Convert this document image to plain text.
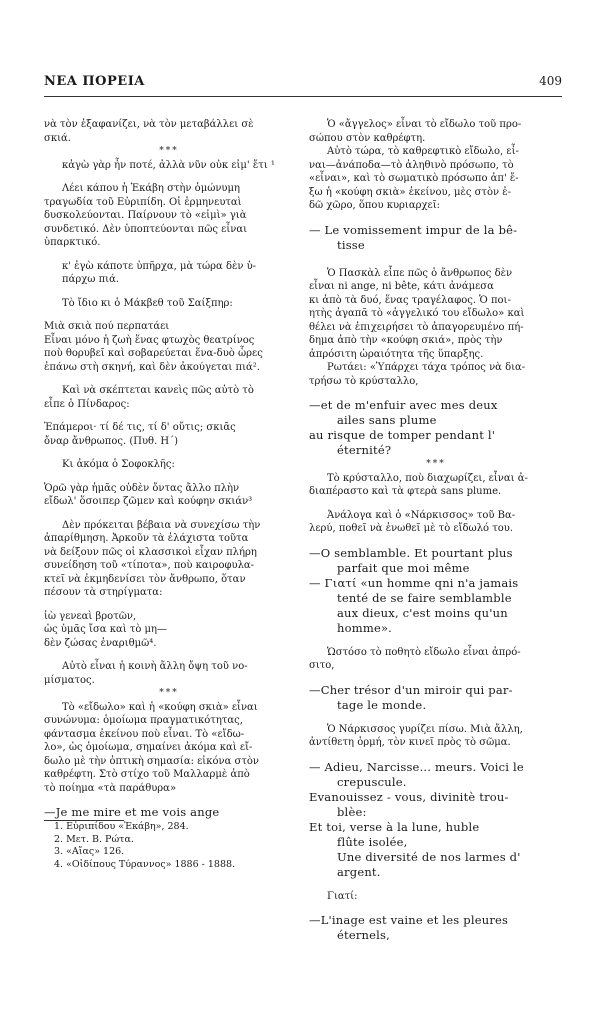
ΝΕΑ ΠΟΡΕΙΑ	409
νὰ τὸν ἐξαφανίζει, νὰ τὸν μεταβάλλει σὲ
σκιά.
***
κἀγὼ γὰρ ἦν ποτέ, ἀλλὰ νῦν οὐκ εἰμ' ἔτι ¹
Λέει κάπου ἡ Ἑκάβη στὴν ὁμώνυμη
τραγωδία τοῦ Εὐριπίδη. Οἱ ἑρμηνευταὶ
δυσκολεύονται. Παίρνουν τὸ «εἰμὶ» γιὰ
συνδετικό. Δὲν ὑποπτεύονται πῶς εἶναι
ὑπαρκτικό.
κ' ἐγὼ κάποτε ὑπῆρχα, μὰ τώρα δὲν ὑ-
πάρχω πιά.
Τὸ ἴδιο κι ὁ Μάκβεθ τοῦ Σαίξπηρ:
Μιὰ σκιὰ πού περπατάει
Εἶναι μόνο ἡ ζωὴ ἕνας φτωχὸς θεατρίνος
ποὺ θορυβεῖ καὶ σοβαρεύεται ἕνα-δυὸ ὧρες
ἐπάνω στὴ σκηνή, καὶ δὲν ἀκούγεται πιά².
Καὶ νὰ σκέπτεται κανεὶς πῶς αὐτὸ τὸ
εἶπε ὁ Πίνδαρος:
Ἐπάμεροι· τί δέ τις, τί δ' οὔτις; σκιᾶς
ὄναρ ἄνθρωπος. (Πυθ. Η΄)
Κι ἀκόμα ὁ Σοφοκλῆς:
Ὁρῶ γὰρ ἡμᾶς οὐδὲν ὄντας ἄλλο πλὴν
εἴδωλ' ὅσοιπερ ζῶμεν καὶ κούφην σκιάν³
Δὲν πρόκειται βέβαια νὰ συνεχίσω τὴν
ἀπαρίθμηση. Ἀρκοῦν τὰ ἐλάχιστα τοῦτα
νὰ δείξουν πῶς οἱ κλασσικοὶ εἶχαν πλήρη
συνείδηση τοῦ «τίποτα», ποὺ καιροφυλα-
κτεῖ νὰ ἐκμηδενίσει τὸν ἄνθρωπο, ὅταν
πέσουν τὰ στηρίγματα:
ἰὼ γενεαὶ βροτῶν,
ὡς ὑμᾶς ἴσα καὶ τὸ μη—
δὲν ζώσας ἐναριθμῶ⁴.
Αὐτὸ εἶναι ἡ κοινὴ ἄλλη ὄψη τοῦ νο-
μίσματος.
***
Τὸ «εἴδωλο» καὶ ἡ «κούφη σκιὰ» εἶναι
συνώνυμα: ὁμοίωμα πραγματικότητας,
φάντασμα ἐκείνου ποὺ εἶναι. Τὸ «εἴδω-
λο», ὡς ὁμοίωμα, σημαίνει ἀκόμα καὶ εἴ-
δωλο μὲ τὴν ὀπτικὴ σημασία: εἰκόνα στὸν
καθρέφτη. Στὸ στίχο τοῦ Μαλλαρμὲ ἀπὸ
τὸ ποίημα «τὰ παράθυρα»
—Je me mire et me vois ange
1. Εὐριπίδου «Ἑκάβη», 284.
2. Μετ. Β. Ρώτα.
3. «Αἴας» 126.
4. «Οἰδίπους Τύραννος» 1886 - 1888.
Ὁ «ἄγγελος» εἶναι τὸ εἴδωλο τοῦ προ-
σώπου στὸν καθρέφτη.
Αὐτὸ τώρα, τὸ καθρεφτικὸ εἴδωλο, εἶ-
ναι—ἀνάποδα—τὸ ἀληθινὸ πρόσωπο, τὸ
«εἶναι», καὶ τὸ σωματικὸ πρόσωπο ἀπ' ἔ-
ξω ἡ «κούφη σκιὰ» ἐκείνου, μὲς στὸν ἐ-
δῶ χῶρο, ὅπου κυριαρχεῖ:
— Le vomissement impur de la bê-
tisse
Ὁ Πασκὰλ εἶπε πῶς ὁ ἄνθρωπος δὲν
εἶναι ni ange, ni bête, κάτι ἀνάμεσα
κι ἀπὸ τὰ δυό, ἕνας τραγέλαφος. Ὁ ποι-
ητὴς ἀγαπᾶ τὸ «ἀγγελικό του εἴδωλο» καὶ
θέλει νὰ ἐπιχειρήσει τὸ ἀπαγορευμένο πή-
δημα ἀπὸ τὴν «κούφη σκιά», πρὸς τὴν
ἀπρόσιτη ὡραιότητα τῆς ὕπαρξης.
Ρωτάει: «Ὑπάρχει τάχα τρόπος νὰ δια-
τρήσω τὸ κρύσταλλο,
—et de m'enfuir avec mes deux
ailes sans plume
au risque de tomper pendant l'
éternité?
***
Τὸ κρύσταλλο, ποὺ διαχωρίζει, εἶναι ἀ-
διαπέραστο καὶ τὰ φτερὰ sans plume.
Ἀνάλογα καὶ ὁ «Νάρκισσος» τοῦ Βα-
λερύ, ποθεῖ νὰ ἑνωθεῖ μὲ τὸ εἴδωλό του.
—O semblamble. Et pourtant plus
parfait que moi même
— Γιατί «un homme qni n'a jamais
tenté de se faire semblamble
aux dieux, c'est moins qu'un
homme».
Ὡστόσο τὸ ποθητὸ εἴδωλο εἶναι ἀπρό-
σιτο,
—Cher trésor d'un miroir qui par-
tage le monde.
Ὁ Νάρκισσος γυρίζει πίσω. Μιὰ ἄλλη,
ἀντίθετη ὁρμή, τὸν κινεῖ πρὸς τὸ σῶμα.
— Adieu, Narcisse... meurs. Voici le
crepuscule.
Evanouissez - vous, divinitè trou-
blèe:
Et toi, verse à la lune, huble
flûte isolée,
Une diversité de nos larmes d'
argent.
Γιατί:
—L'inage est vaine et les pleures
éternels,
